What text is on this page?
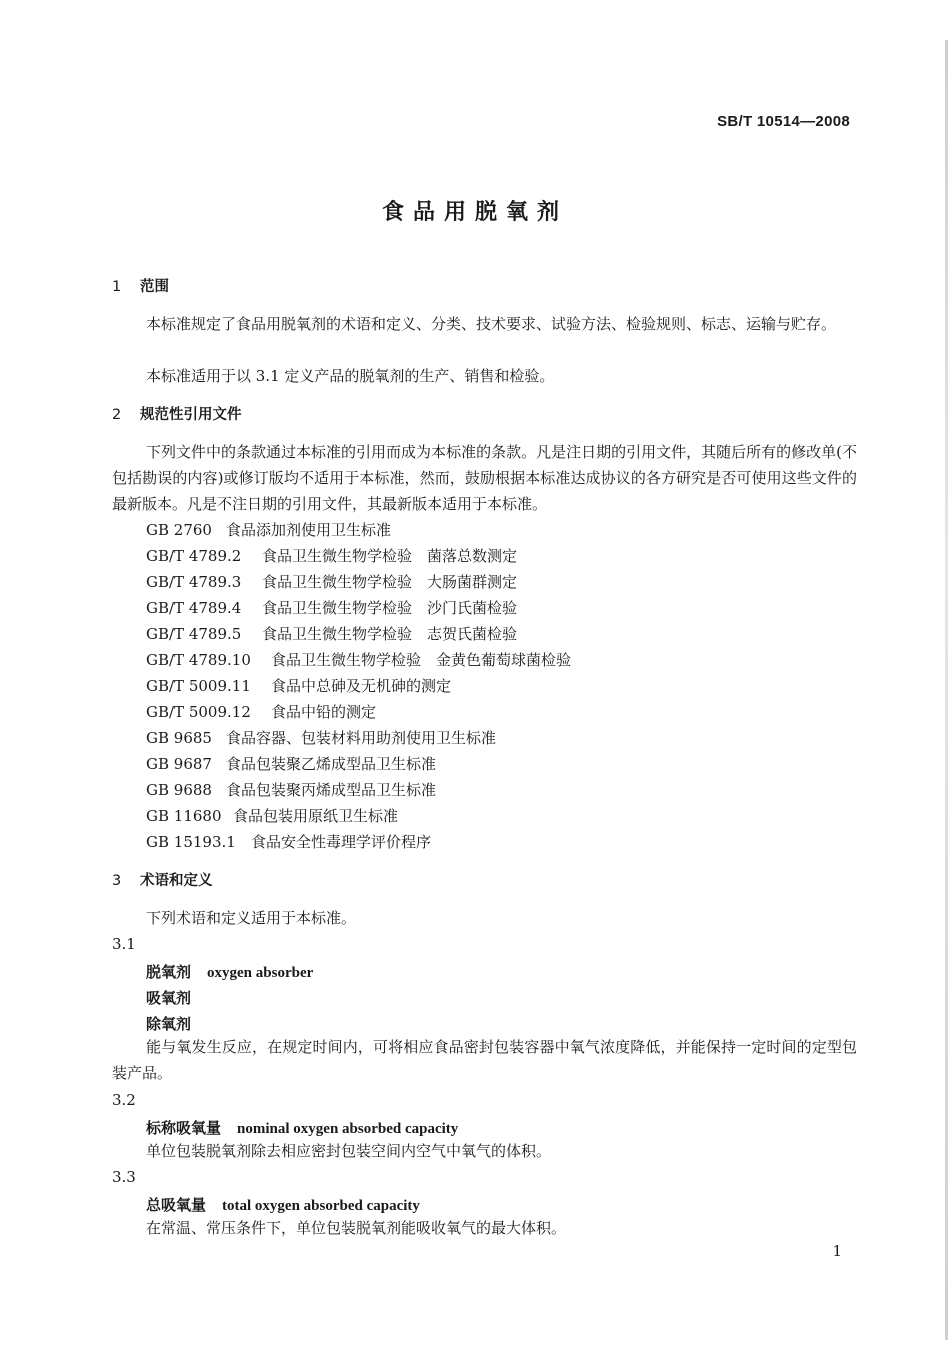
SB/T 10514—2008
食品用脱氧剂
1 范围
本标准规定了食品用脱氧剂的术语和定义、分类、技术要求、试验方法、检验规则、标志、运输与贮存。
本标准适用于以 3.1 定义产品的脱氧剂的生产、销售和检验。
2 规范性引用文件
下列文件中的条款通过本标准的引用而成为本标准的条款。凡是注日期的引用文件，其随后所有的修改单(不包括勘误的内容)或修订版均不适用于本标准，然而，鼓励根据本标准达成协议的各方研究是否可使用这些文件的最新版本。凡是不注日期的引用文件，其最新版本适用于本标准。
GB 2760 食品添加剂使用卫生标准
GB/T 4789.2 食品卫生微生物学检验　菌落总数测定
GB/T 4789.3 食品卫生微生物学检验　大肠菌群测定
GB/T 4789.4 食品卫生微生物学检验　沙门氏菌检验
GB/T 4789.5 食品卫生微生物学检验　志贺氏菌检验
GB/T 4789.10 食品卫生微生物学检验　金黄色葡萄球菌检验
GB/T 5009.11 食品中总砷及无机砷的测定
GB/T 5009.12 食品中铅的测定
GB 9685 食品容器、包装材料用助剂使用卫生标准
GB 9687 食品包装聚乙烯成型品卫生标准
GB 9688 食品包装聚丙烯成型品卫生标准
GB 11680 食品包装用原纸卫生标准
GB 15193.1 食品安全性毒理学评价程序
3 术语和定义
下列术语和定义适用于本标准。
3.1
脱氧剂 oxygen absorber
吸氧剂
除氧剂
能与氧发生反应，在规定时间内，可将相应食品密封包装容器中氧气浓度降低，并能保持一定时间的定型包装产品。
3.2
标称吸氧量 nominal oxygen absorbed capacity
单位包装脱氧剂除去相应密封包装空间内空气中氧气的体积。
3.3
总吸氧量 total oxygen absorbed capacity
在常温、常压条件下，单位包装脱氧剂能吸收氧气的最大体积。
1
